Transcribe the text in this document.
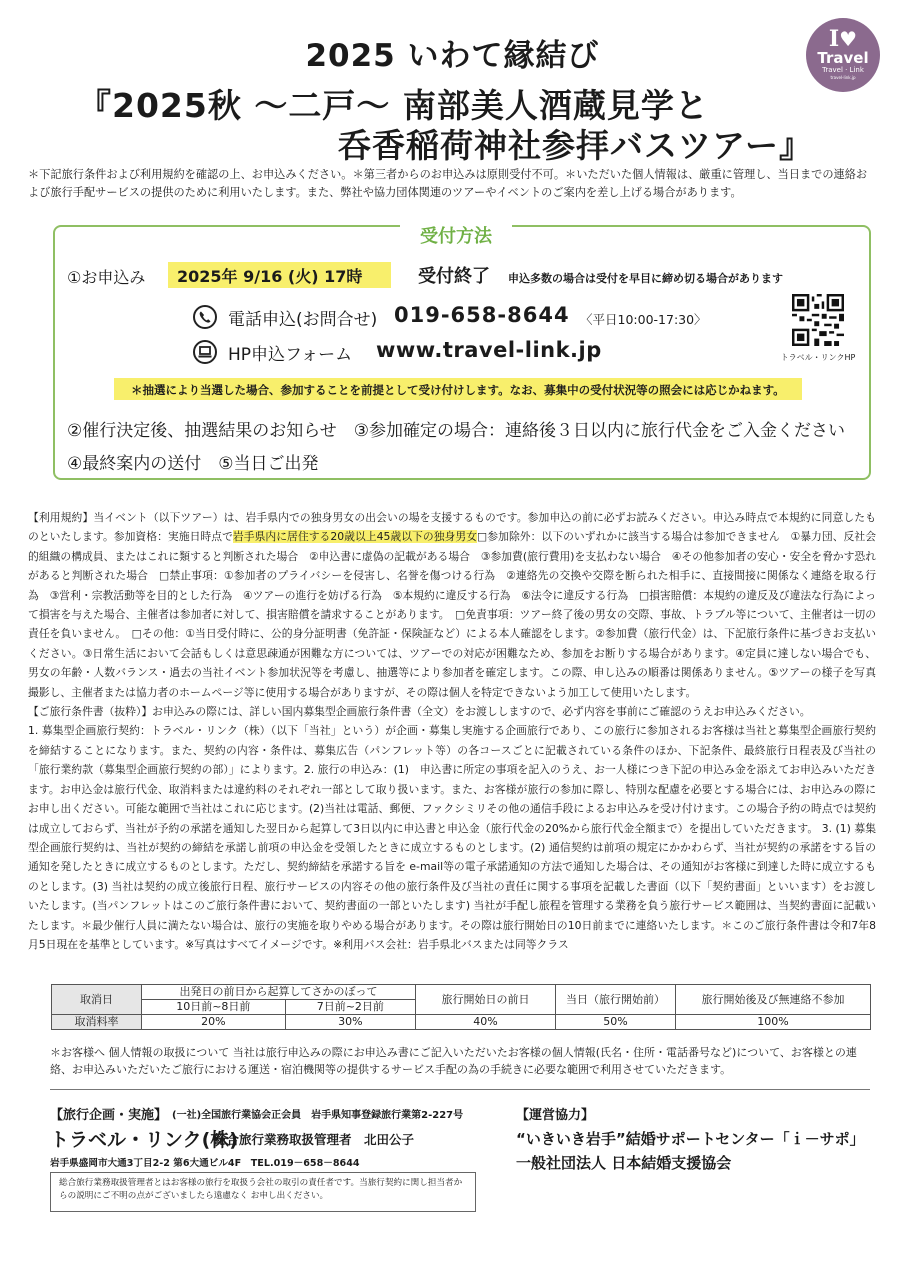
2025 いわて縁結び
『2025秋 ～二戸～ 南部美人酒蔵見学と
呑香稲荷神社参拝バスツアー』
I♥
Travel
Travel · Link
travel-link.jp
＊下記旅行条件および利用規約を確認の上、お申込みください。＊第三者からのお申込みは原則受付不可。＊いただいた個人情報は、厳重に管理し、当日までの連絡および旅行手配サービスの提供のために利用いたします。また、弊社や協力団体関連のツアーやイベントのご案内を差し上げる場合があります。
受付方法
①お申込み 2025年 9/16 (火) 17時	受付終了 申込多数の場合は受付を早目に締め切る場合があります
電話申込(お問合せ) 019-658-8644 〈平日10:00-17:30〉
HP申込フォーム www.travel-link.jp	トラベル・リンクHP
＊抽選により当選した場合、参加することを前提として受け付けします。なお、募集中の受付状況等の照会には応じかねます。
②催行決定後、抽選結果のお知らせ　③参加確定の場合：連絡後３日以内に旅行代金をご入金ください
④最終案内の送付　⑤当日ご出発
【利用規約】当イベント（以下ツアー）は、岩手県内での独身男女の出会いの場を支援するものです。参加申込の前に必ずお読みください。申込み時点で本規約に同意したものといたします。参加資格：実施日時点で岩手県内に居住する20歳以上45歳以下の独身男女□参加除外：以下のいずれかに該当する場合は参加できません　①暴力団、反社会的組織の構成員、またはこれに類すると判断された場合　②申込書に虚偽の記載がある場合　③参加費(旅行費用)を支払わない場合　④その他参加者の安心・安全を脅かす恐れがあると判断された場合　□禁止事項：①参加者のプライバシーを侵害し、名誉を傷つける行為　②連絡先の交換や交際を断られた相手に、直接間接に関係なく連絡を取る行為　③営利・宗教活動等を目的とした行為　④ツアーの進行を妨げる行為　⑤本規約に違反する行為　⑥法令に違反する行為　□損害賠償：本規約の違反及び違法な行為によって損害を与えた場合、主催者は参加者に対して、損害賠償を請求することがあります。　□免責事項：ツアー終了後の男女の交際、事故、トラブル等について、主催者は一切の責任を負いません。　□その他：①当日受付時に、公的身分証明書（免許証・保険証など）による本人確認をします。②参加費（旅行代金）は、下記旅行条件に基づきお支払いください。③日常生活において会話もしくは意思疎通が困難な方については、ツアーでの対応が困難なため、参加をお断りする場合があります。④定員に達しない場合でも、男女の年齢・人数バランス・過去の当社イベント参加状況等を考慮し、抽選等により参加者を確定します。この際、申し込みの順番は関係ありません。⑤ツアーの様子を写真撮影し、主催者または協力者のホームページ等に使用する場合がありますが、その際は個人を特定できないよう加工して使用いたします。
【ご旅行条件書（抜粋）】お申込みの際には、詳しい国内募集型企画旅行条件書（全文）をお渡ししますので、必ず内容を事前にご確認のうえお申込みください。
1. 募集型企画旅行契約：トラベル・リンク（株）（以下「当社」という）が企画・募集し実施する企画旅行であり、この旅行に参加されるお客様は当社と募集型企画旅行契約を締結することになります。また、契約の内容・条件は、募集広告（パンフレット等）の各コースごとに記載されている条件のほか、下記条件、最終旅行日程表及び当社の「旅行業約款（募集型企画旅行契約の部）」によります。2. 旅行の申込み：(1)　申込書に所定の事項を記入のうえ、お一人様につき下記の申込み金を添えてお申込みいただきます。お申込金は旅行代金、取消料または違約料のそれぞれ一部として取り扱います。また、お客様が旅行の参加に際し、特別な配慮を必要とする場合には、お申込みの際にお申し出ください。可能な範囲で当社はこれに応じます。(2)当社は電話、郵便、ファクシミリその他の通信手段によるお申込みを受け付けます。この場合予約の時点では契約は成立しておらず、当社が予約の承諾を通知した翌日から起算して3日以内に申込書と申込金（旅行代金の20%から旅行代金全額まで）を提出していただきます。 3. (1) 募集型企画旅行契約は、当社が契約の締結を承諾し前項の申込金を受領したときに成立するものとします。(2) 通信契約は前項の規定にかかわらず、当社が契約の承諾をする旨の通知を発したときに成立するものとします。ただし、契約締結を承諾する旨を e-mail等の電子承諾通知の方法で通知した場合は、その通知がお客様に到達した時に成立するものとします。(3) 当社は契約の成立後旅行日程、旅行サービスの内容その他の旅行条件及び当社の責任に関する事項を記載した書面（以下「契約書面」といいます）をお渡しいたします。(当パンフレットはこのご旅行条件書において、契約書面の一部といたします) 当社が手配し旅程を管理する業務を負う旅行サービス範囲は、当契約書面に記載いたします。＊最少催行人員に満たない場合は、旅行の実施を取りやめる場合があります。その際は旅行開始日の10日前までに連絡いたします。＊このご旅行条件書は令和7年8月5日現在を基準としています。※写真はすべてイメージです。※利用バス会社：岩手県北バスまたは同等クラス
取消日	出発日の前日から起算してさかのぼって		旅行開始日の前日	当日（旅行開始前）	旅行開始後及び無連絡不参加
	10日前~8日前	7日前~2日前			
取消料率	20%	30%	40%	50%	100%
＊お客様へ 個人情報の取扱について 当社は旅行申込みの際にお申込み書にご記入いただいたお客様の個人情報(氏名・住所・電話番号など)について、お客様との連絡、お申込みいただいたご旅行における運送・宿泊機関等の提供するサービス手配の為の手続きに必要な範囲で利用させていただきます。
【旅行企画・実施】 (一社)全国旅行業協会正会員　岩手県知事登録旅行業第2-227号
トラベル・リンク(株)
総合旅行業務取扱管理者　北田公子
岩手県盛岡市大通3丁目2-2 第6大通ビル4F　TEL.019－658－8644
総合旅行業務取扱管理者とはお客様の旅行を取扱う会社の取引の責任者です。当旅行契約に関し担当者からの説明にご不明の点がございましたら遠慮なく お申し出ください。
【運営協力】
“いきいき岩手”結婚サポートセンター「ｉ－サポ」
一般社団法人 日本結婚支援協会
